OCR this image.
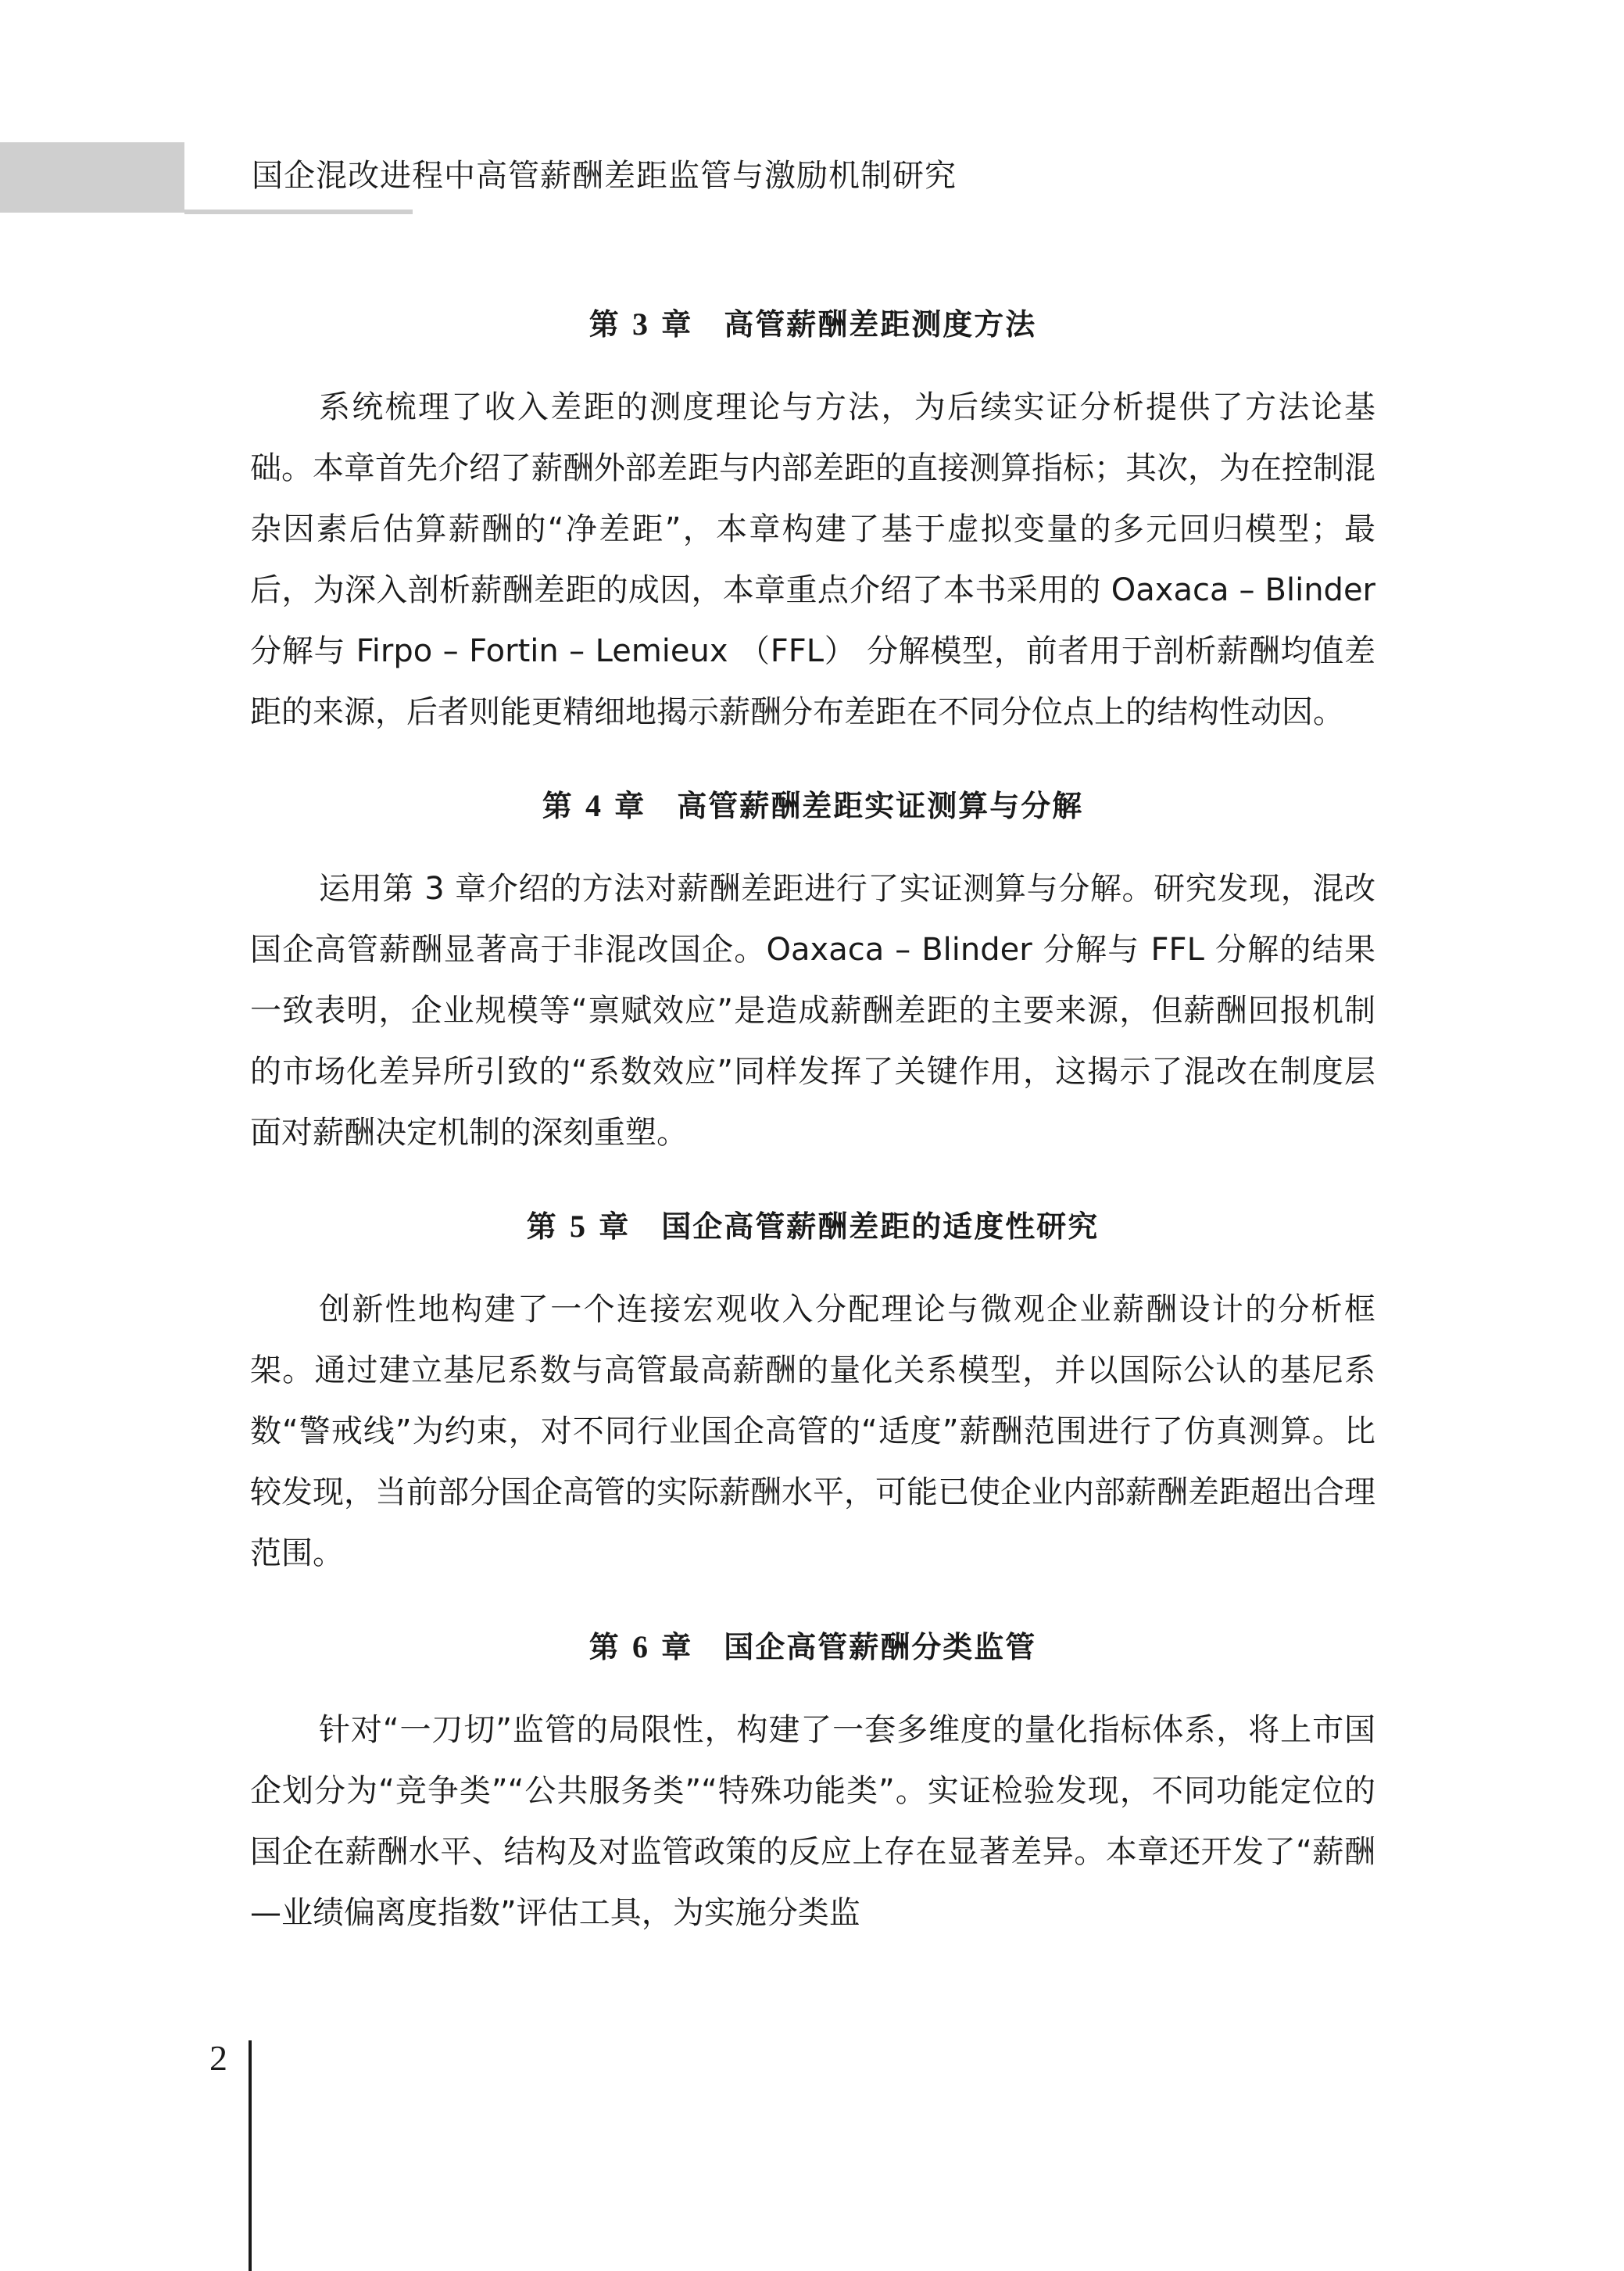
国企混改进程中高管薪酬差距监管与激励机制研究
第 3 章　 高管薪酬差距测度方法

系统梳理了收入差距的测度理论与方法，为后续实证分析提供了方法论基础。本章首先介绍了薪酬外部差距与内部差距的直接测算指标；其次，为在控制混杂因素后估算薪酬的“净差距”，本章构建了基于虚拟变量的多元回归模型；最后，为深入剖析薪酬差距的成因，本章重点介绍了本书采用的 Oaxaca – Blinder 分解与 Firpo – Fortin – Lemieux （FFL） 分解模型，前者用于剖析薪酬均值差距的来源，后者则能更精细地揭示薪酬分布差距在不同分位点上的结构性动因。

第 4 章　 高管薪酬差距实证测算与分解

运用第 3 章介绍的方法对薪酬差距进行了实证测算与分解。研究发现，混改国企高管薪酬显著高于非混改国企。Oaxaca – Blinder 分解与 FFL 分解的结果一致表明，企业规模等“禀赋效应”是造成薪酬差距的主要来源，但薪酬回报机制的市场化差异所引致的“系数效应”同样发挥了关键作用，这揭示了混改在制度层面对薪酬决定机制的深刻重塑。

第 5 章　 国企高管薪酬差距的适度性研究

创新性地构建了一个连接宏观收入分配理论与微观企业薪酬设计的分析框架。通过建立基尼系数与高管最高薪酬的量化关系模型，并以国际公认的基尼系数“警戒线”为约束，对不同行业国企高管的“适度”薪酬范围进行了仿真测算。比较发现，当前部分国企高管的实际薪酬水平，可能已使企业内部薪酬差距超出合理范围。

第 6 章　 国企高管薪酬分类监管

针对“一刀切”监管的局限性，构建了一套多维度的量化指标体系，将上市国企划分为“竞争类”“公共服务类”“特殊功能类”。实证检验发现，不同功能定位的国企在薪酬水平、结构及对监管政策的反应上存在显著差异。本章还开发了“薪酬—业绩偏离度指数”评估工具，为实施分类监

2
